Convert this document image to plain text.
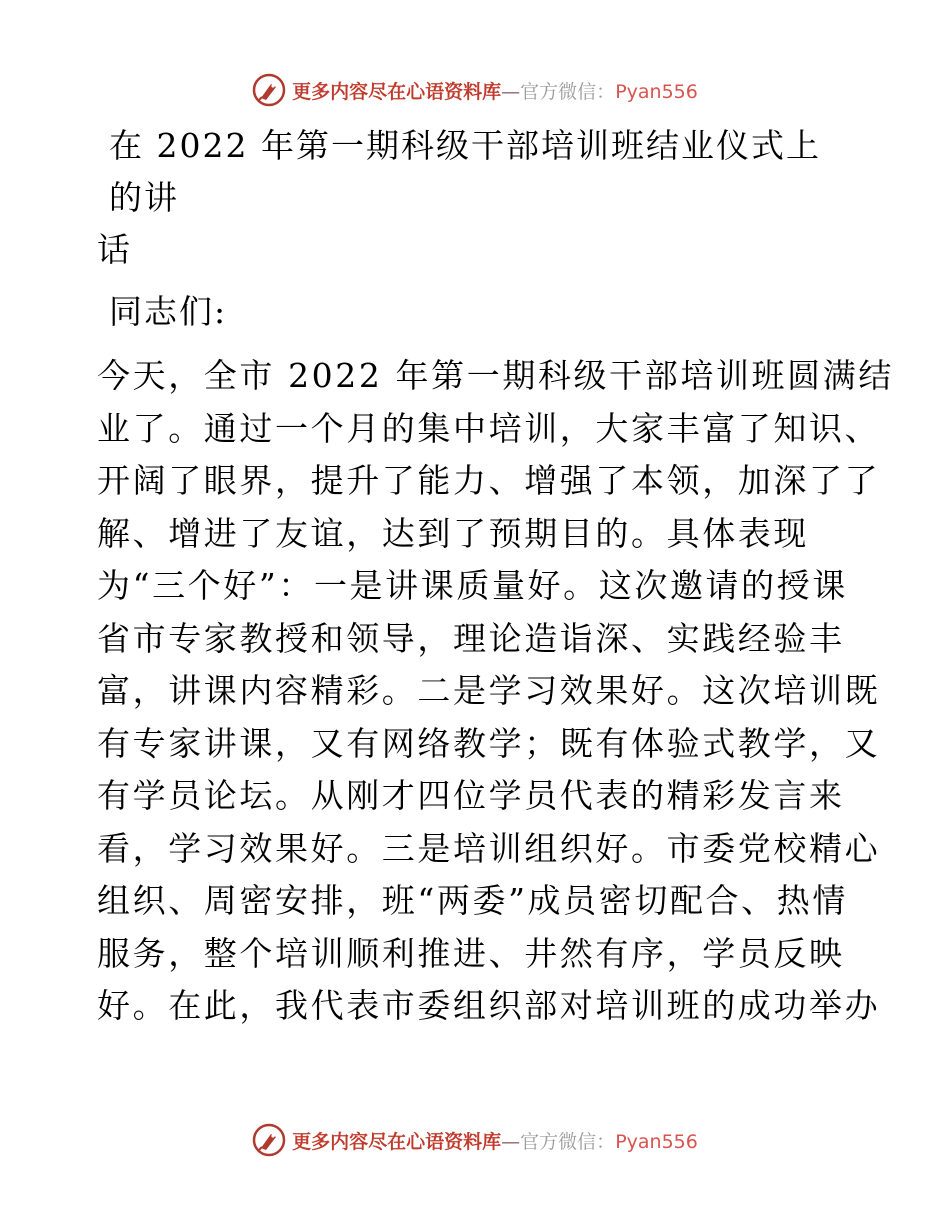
更多内容尽在心语资料库—官方微信：Pyan556
在 2022 年第一期科级干部培训班结业仪式上的讲
话
同志们:
今天，全市 2022 年第一期科级干部培训班圆满结
业了。通过一个月的集中培训，大家丰富了知识、
开阔了眼界，提升了能力、增强了本领，加深了了
解、增进了友谊，达到了预期目的。具体表现
为“三个好”：一是讲课质量好。这次邀请的授课
省市专家教授和领导，理论造诣深、实践经验丰
富，讲课内容精彩。二是学习效果好。这次培训既
有专家讲课，又有网络教学；既有体验式教学，又
有学员论坛。从刚才四位学员代表的精彩发言来
看，学习效果好。三是培训组织好。市委党校精心
组织、周密安排，班“两委”成员密切配合、热情
服务，整个培训顺利推进、井然有序，学员反映
好。在此，我代表市委组织部对培训班的成功举办
更多内容尽在心语资料库—官方微信：Pyan556
